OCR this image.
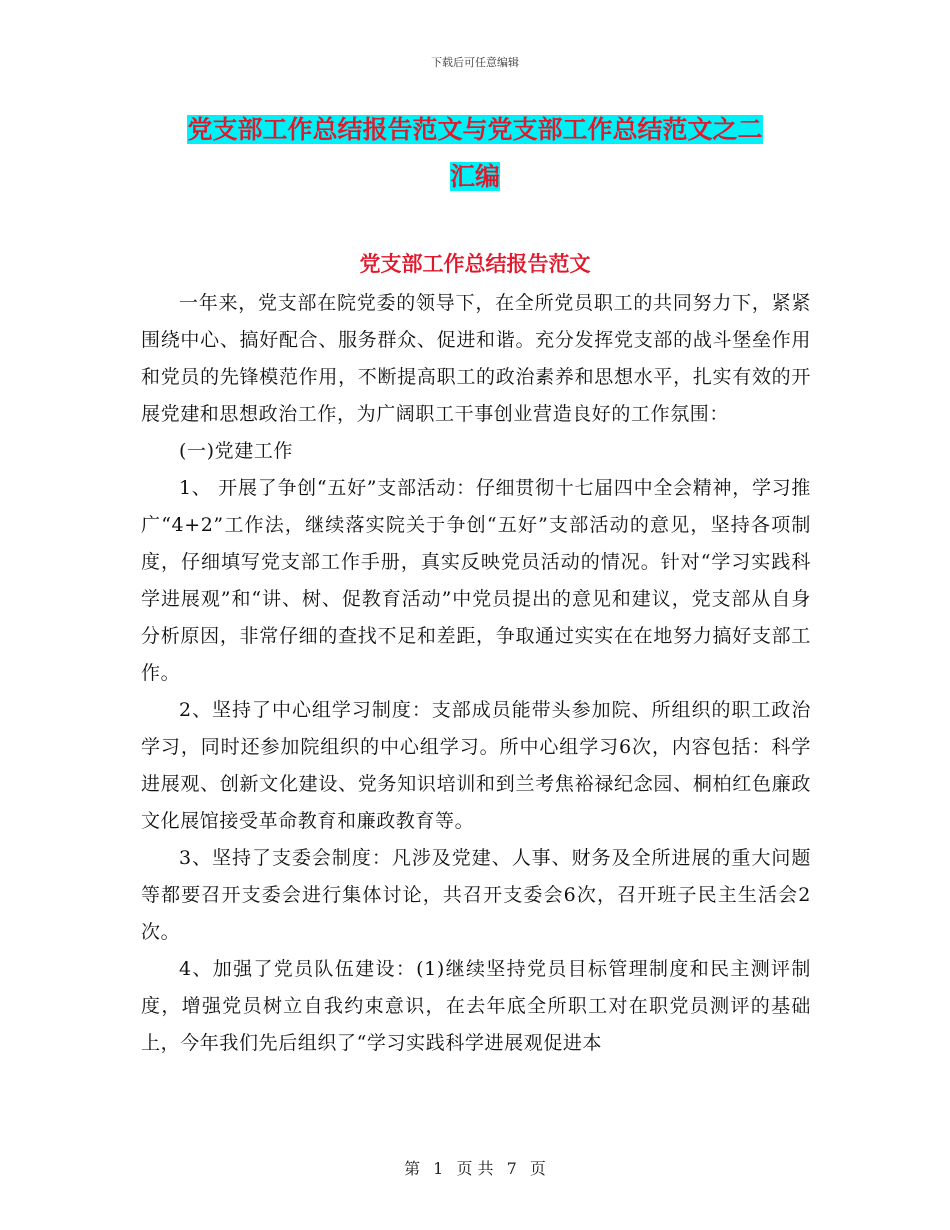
下载后可任意编辑
党支部工作总结报告范文与党支部工作总结范文之二
汇编
党支部工作总结报告范文

一年来，党支部在院党委的领导下，在全所党员职工的共同努力下，紧紧围绕中心、搞好配合、服务群众、促进和谐。充分发挥党支部的战斗堡垒作用和党员的先锋模范作用，不断提高职工的政治素养和思想水平，扎实有效的开展党建和思想政治工作，为广阔职工干事创业营造良好的工作氛围：

(一)党建工作

1、 开展了争创“五好”支部活动：仔细贯彻十七届四中全会精神，学习推广“4+2”工作法，继续落实院关于争创“五好”支部活动的意见，坚持各项制度，仔细填写党支部工作手册，真实反映党员活动的情况。针对“学习实践科学进展观”和“讲、树、促教育活动”中党员提出的意见和建议，党支部从自身分析原因，非常仔细的查找不足和差距，争取通过实实在在地努力搞好支部工作。

2、坚持了中心组学习制度：支部成员能带头参加院、所组织的职工政治学习，同时还参加院组织的中心组学习。所中心组学习6次，内容包括：科学进展观、创新文化建设、党务知识培训和到兰考焦裕禄纪念园、桐柏红色廉政文化展馆接受革命教育和廉政教育等。

3、坚持了支委会制度：凡涉及党建、人事、财务及全所进展的重大问题等都要召开支委会进行集体讨论，共召开支委会6次，召开班子民主生活会2次。

4、加强了党员队伍建设：(1)继续坚持党员目标管理制度和民主测评制度，增强党员树立自我约束意识，在去年底全所职工对在职党员测评的基础上，今年我们先后组织了“学习实践科学进展观促进本

第 1 页 共 7 页
